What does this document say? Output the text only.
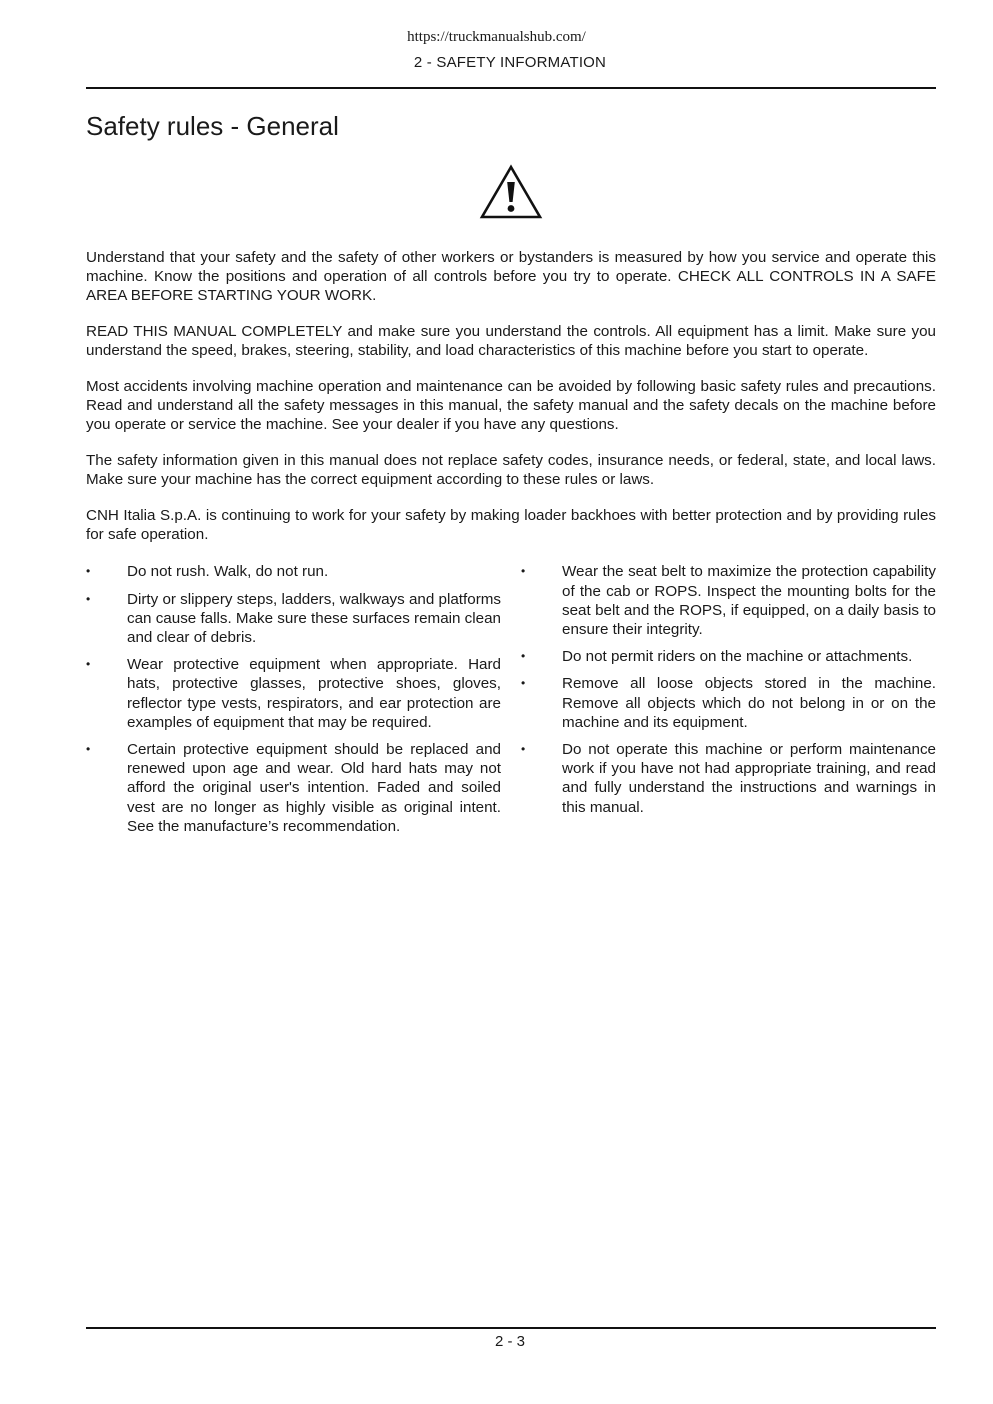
https://truckmanualshub.com/
2 - SAFETY INFORMATION
Safety rules - General

Understand that your safety and the safety of other workers or bystanders is measured by how you service and operate this machine. Know the positions and operation of all controls before you try to operate. CHECK ALL CONTROLS IN A SAFE AREA BEFORE STARTING YOUR WORK.

READ THIS MANUAL COMPLETELY and make sure you understand the controls. All equipment has a limit. Make sure you understand the speed, brakes, steering, stability, and load characteristics of this machine before you start to operate.

Most accidents involving machine operation and maintenance can be avoided by following basic safety rules and precautions. Read and understand all the safety messages in this manual, the safety manual and the safety decals on the machine before you operate or service the machine. See your dealer if you have any questions.

The safety information given in this manual does not replace safety codes, insurance needs, or federal, state, and local laws. Make sure your machine has the correct equipment according to these rules or laws.

CNH Italia S.p.A. is continuing to work for your safety by making loader backhoes with better protection and by providing rules for safe operation.

• Do not rush. Walk, do not run.
• Dirty or slippery steps, ladders, walkways and platforms can cause falls. Make sure these surfaces remain clean and clear of debris.
• Wear protective equipment when appropriate. Hard hats, protective glasses, protective shoes, gloves, reflector type vests, respirators, and ear protection are examples of equipment that may be required.
• Certain protective equipment should be replaced and renewed upon age and wear. Old hard hats may not afford the original user's intention. Faded and soiled vest are no longer as highly visible as original intent. See the manufacture’s recommendation.
• Wear the seat belt to maximize the protection capability of the cab or ROPS. Inspect the mounting bolts for the seat belt and the ROPS, if equipped, on a daily basis to ensure their integrity.
• Do not permit riders on the machine or attachments.
• Remove all loose objects stored in the machine. Remove all objects which do not belong in or on the machine and its equipment.
• Do not operate this machine or perform maintenance work if you have not had appropriate training, and read and fully understand the instructions and warnings in this manual.
2 - 3
